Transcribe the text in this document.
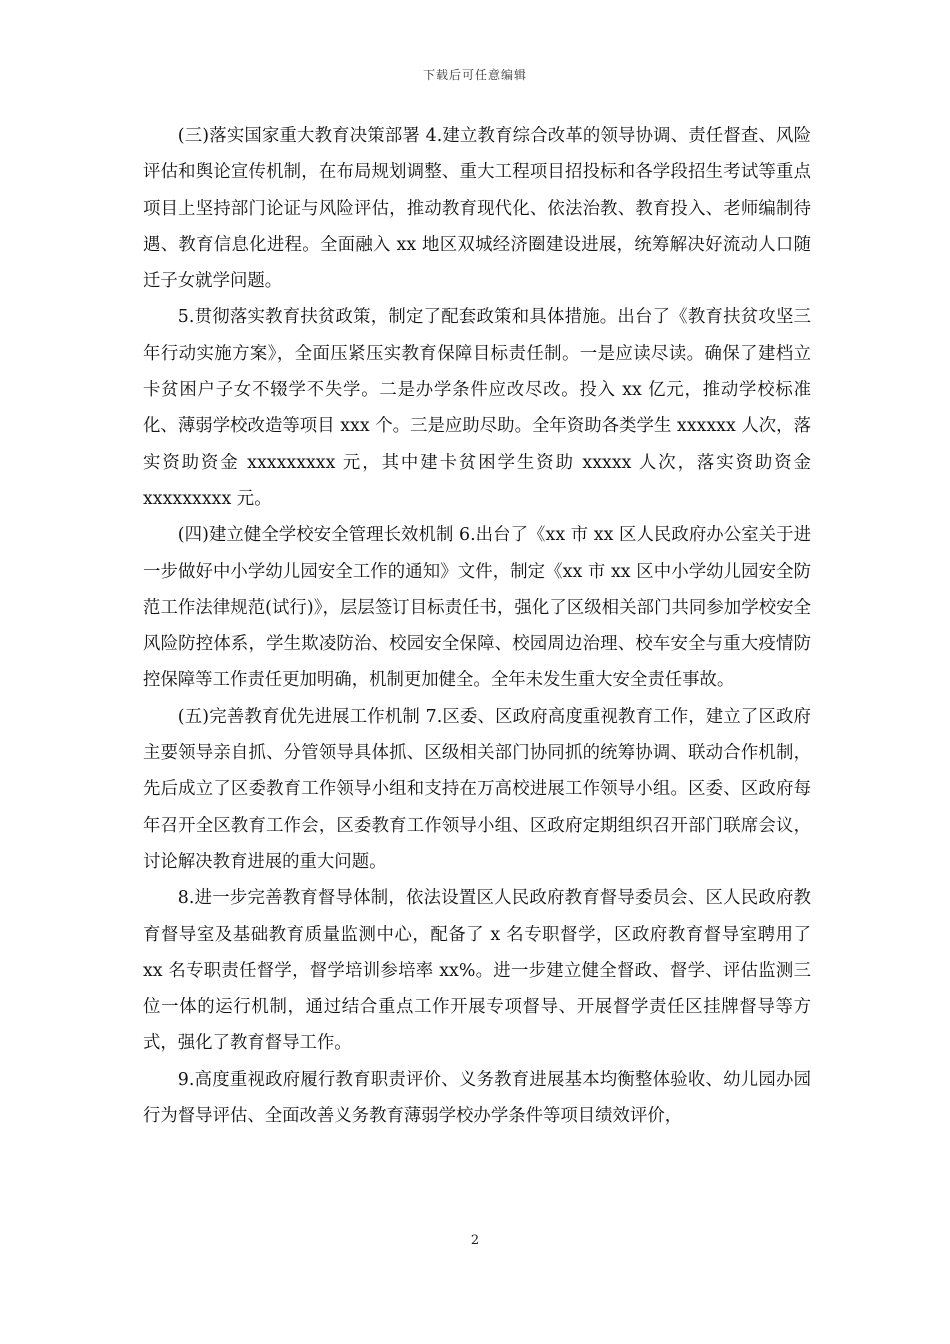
下载后可任意编辑

(三)落实国家重大教育决策部署 4.建立教育综合改革的领导协调、责任督查、风险评估和舆论宣传机制，在布局规划调整、重大工程项目招投标和各学段招生考试等重点项目上坚持部门论证与风险评估，推动教育现代化、依法治教、教育投入、老师编制待遇、教育信息化进程。全面融入 xx 地区双城经济圈建设进展，统筹解决好流动人口随迁子女就学问题。

5.贯彻落实教育扶贫政策，制定了配套政策和具体措施。出台了《教育扶贫攻坚三年行动实施方案》，全面压紧压实教育保障目标责任制。一是应读尽读。确保了建档立卡贫困户子女不辍学不失学。二是办学条件应改尽改。投入 xx 亿元，推动学校标准化、薄弱学校改造等项目 xxx 个。三是应助尽助。全年资助各类学生 xxxxxx 人次，落实资助资金 xxxxxxxxx 元，其中建卡贫困学生资助 xxxxx 人次，落实资助资金 xxxxxxxxx 元。

(四)建立健全学校安全管理长效机制 6.出台了《xx 市 xx 区人民政府办公室关于进一步做好中小学幼儿园安全工作的通知》文件，制定《xx 市 xx 区中小学幼儿园安全防范工作法律规范(试行)》，层层签订目标责任书，强化了区级相关部门共同参加学校安全风险防控体系，学生欺凌防治、校园安全保障、校园周边治理、校车安全与重大疫情防控保障等工作责任更加明确，机制更加健全。全年未发生重大安全责任事故。

(五)完善教育优先进展工作机制 7.区委、区政府高度重视教育工作，建立了区政府主要领导亲自抓、分管领导具体抓、区级相关部门协同抓的统筹协调、联动合作机制，先后成立了区委教育工作领导小组和支持在万高校进展工作领导小组。区委、区政府每年召开全区教育工作会，区委教育工作领导小组、区政府定期组织召开部门联席会议，讨论解决教育进展的重大问题。

8.进一步完善教育督导体制，依法设置区人民政府教育督导委员会、区人民政府教育督导室及基础教育质量监测中心，配备了 x 名专职督学，区政府教育督导室聘用了 xx 名专职责任督学，督学培训参培率 xx%。进一步建立健全督政、督学、评估监测三位一体的运行机制，通过结合重点工作开展专项督导、开展督学责任区挂牌督导等方式，强化了教育督导工作。

9.高度重视政府履行教育职责评价、义务教育进展基本均衡整体验收、幼儿园办园行为督导评估、全面改善义务教育薄弱学校办学条件等项目绩效评价，

2
